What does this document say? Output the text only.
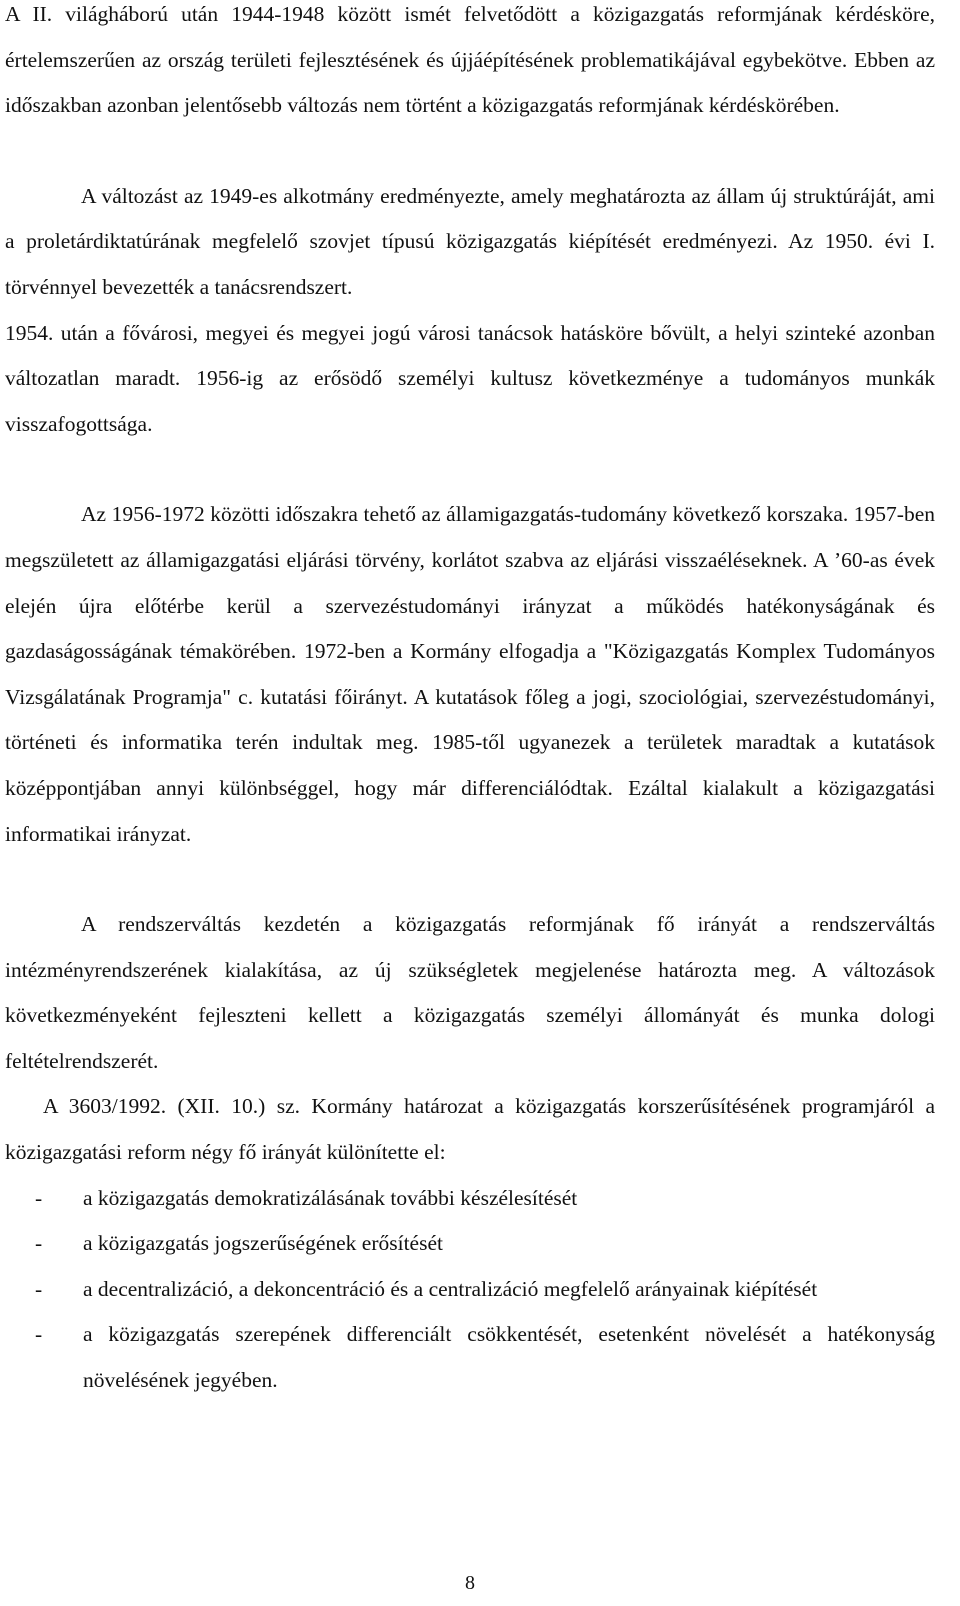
A II. világháború után 1944-1948 között ismét felvetődött a közigazgatás reformjának kérdésköre, értelemszerűen az ország területi fejlesztésének és újjáépítésének problematikájával egybekötve. Ebben az időszakban azonban jelentősebb változás nem történt a közigazgatás reformjának kérdéskörében.

A változást az 1949-es alkotmány eredményezte, amely meghatározta az állam új struktúráját, ami a proletárdiktatúrának megfelelő szovjet típusú közigazgatás kiépítését eredményezi. Az 1950. évi I. törvénnyel bevezették a tanácsrendszert.

1954. után a fővárosi, megyei és megyei jogú városi tanácsok hatásköre bővült, a helyi szinteké azonban változatlan maradt. 1956-ig az erősödő személyi kultusz következménye a tudományos munkák visszafogottsága.

Az 1956-1972 közötti időszakra tehető az államigazgatás-tudomány következő korszaka. 1957-ben megszületett az államigazgatási eljárási törvény, korlátot szabva az eljárási visszaéléseknek. A ’60-as évek elején újra előtérbe kerül a szervezéstudományi irányzat a működés hatékonyságának és gazdaságosságának témakörében. 1972-ben a Kormány elfogadja a "Közigazgatás Komplex Tudományos Vizsgálatának Programja" c. kutatási főirányt. A kutatások főleg a jogi, szociológiai, szervezéstudományi, történeti és informatika terén indultak meg. 1985-től ugyanezek a területek maradtak a kutatások középpontjában annyi különbséggel, hogy már differenciálódtak. Ezáltal kialakult a közigazgatási informatikai irányzat.

A rendszerváltás kezdetén a közigazgatás reformjának fő irányát a rendszerváltás intézményrendszerének kialakítása, az új szükségletek megjelenése határozta meg. A változások következményeként fejleszteni kellett a közigazgatás személyi állományát és munka dologi feltételrendszerét.

A 3603/1992. (XII. 10.) sz. Kormány határozat a közigazgatás korszerűsítésének programjáról a közigazgatási reform négy fő irányát különítette el:

- a közigazgatás demokratizálásának további készélesítését
- a közigazgatás jogszerűségének erősítését
- a decentralizáció, a dekoncentráció és a centralizáció megfelelő arányainak kiépítését
- a közigazgatás szerepének differenciált csökkentését, esetenként növelését a hatékonyság növelésének jegyében.
8
